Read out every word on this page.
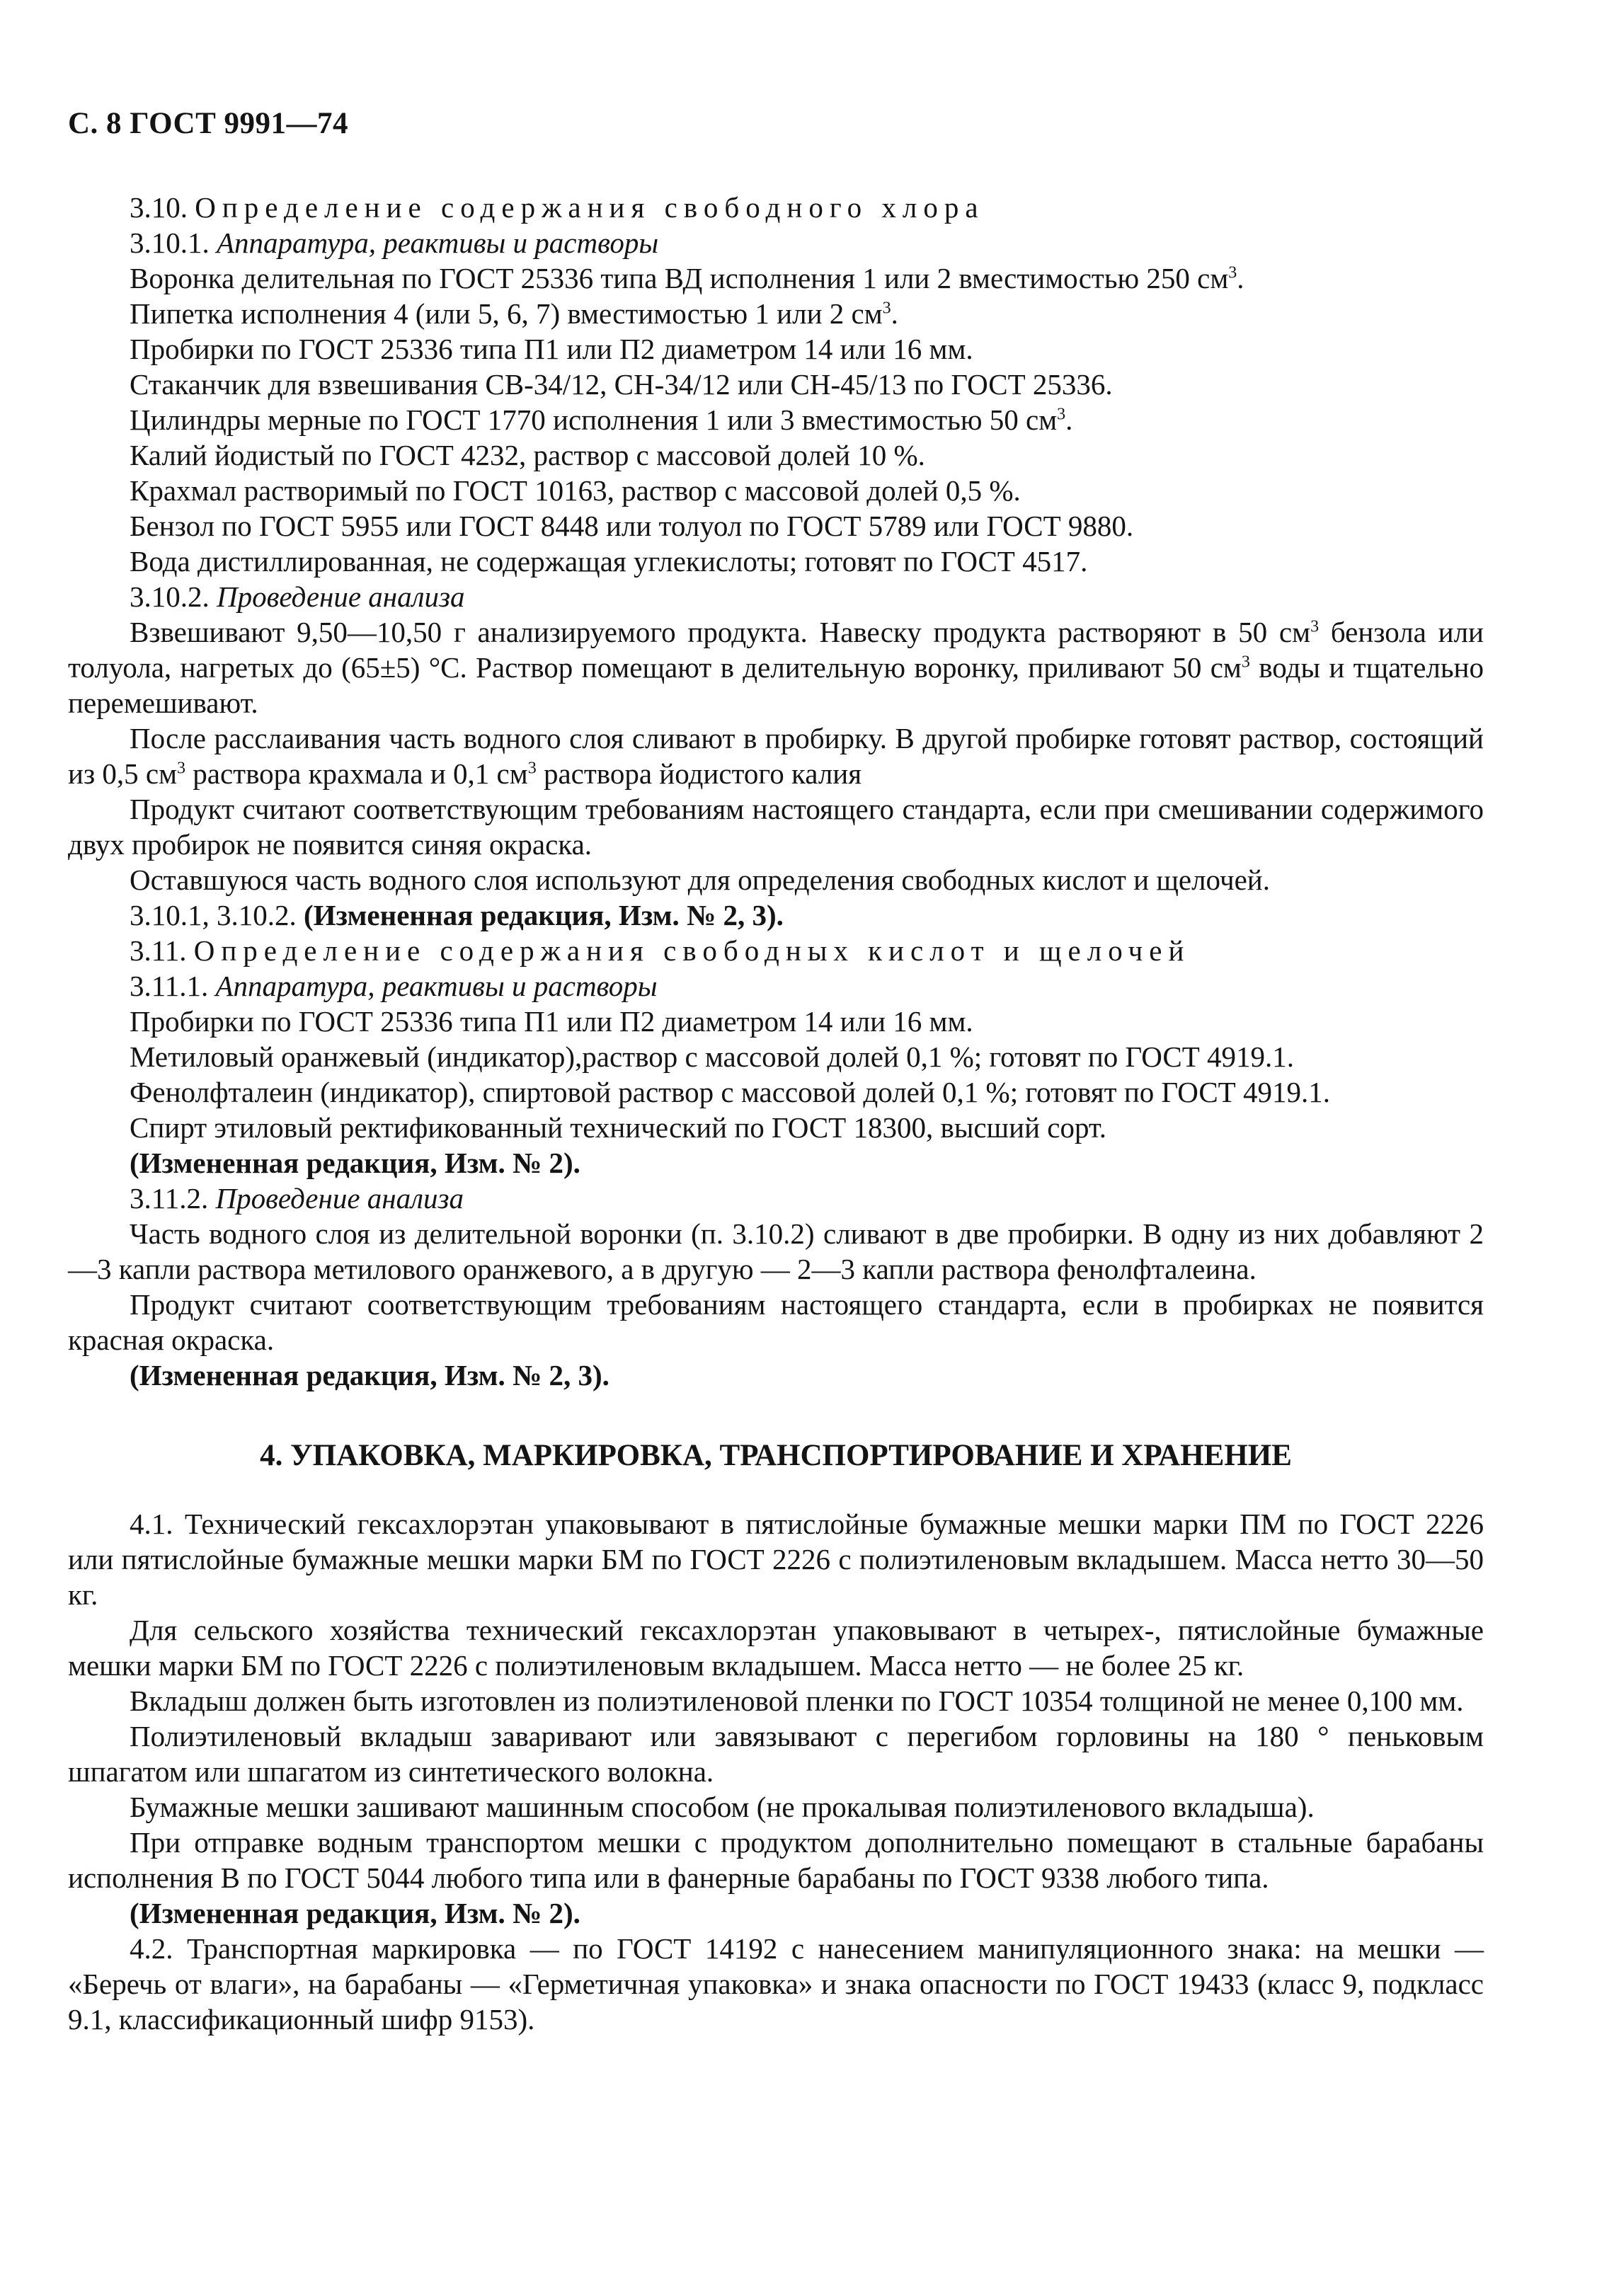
С. 8 ГОСТ 9991—74

3.10. Определение содержания свободного хлора

3.10.1. Аппаратура, реактивы и растворы

Воронка делительная по ГОСТ 25336 типа ВД исполнения 1 или 2 вместимостью 250 $см^3$.

Пипетка исполнения 4 (или 5, 6, 7) вместимостью 1 или 2 $см^3$.

Пробирки по ГОСТ 25336 типа П1 или П2 диаметром 14 или 16 мм.

Стаканчик для взвешивания СВ-34/12, СН-34/12 или СН-45/13 по ГОСТ 25336.

Цилиндры мерные по ГОСТ 1770 исполнения 1 или 3 вместимостью 50 $см^3$.

Калий йодистый по ГОСТ 4232, раствор с массовой долей 10 %.

Крахмал растворимый по ГОСТ 10163, раствор с массовой долей 0,5 %.

Бензол по ГОСТ 5955 или ГОСТ 8448 или толуол по ГОСТ 5789 или ГОСТ 9880.

Вода дистиллированная, не содержащая углекислоты; готовят по ГОСТ 4517.

3.10.2. Проведение анализа

Взвешивают 9,50—10,50 г анализируемого продукта. Навеску продукта растворяют в 50 $см^3$ бензола или толуола, нагретых до (65±5) °С. Раствор помещают в делительную воронку, приливают 50 $см^3$ воды и тщательно перемешивают.

После расслаивания часть водного слоя сливают в пробирку. В другой пробирке готовят раствор, состоящий из 0,5 $см^3$ раствора крахмала и 0,1 $см^3$ раствора йодистого калия

Продукт считают соответствующим требованиям настоящего стандарта, если при смешивании содержимого двух пробирок не появится синяя окраска.

Оставшуюся часть водного слоя используют для определения свободных кислот и щелочей.

3.10.1, 3.10.2. (Измененная редакция, Изм. № 2, 3).

3.11. Определение содержания свободных кислот и щелочей

3.11.1. Аппаратура, реактивы и растворы

Пробирки по ГОСТ 25336 типа П1 или П2 диаметром 14 или 16 мм.

Метиловый оранжевый (индикатор),раствор с массовой долей 0,1 %; готовят по ГОСТ 4919.1.

Фенолфталеин (индикатор), спиртовой раствор с массовой долей 0,1 %; готовят по ГОСТ 4919.1.

Спирт этиловый ректификованный технический по ГОСТ 18300, высший сорт.

(Измененная редакция, Изм. № 2).

3.11.2. Проведение анализа

Часть водного слоя из делительной воронки (п. 3.10.2) сливают в две пробирки. В одну из них добавляют 2—3 капли раствора метилового оранжевого, а в другую — 2—3 капли раствора фенолфталеина.

Продукт считают соответствующим требованиям настоящего стандарта, если в пробирках не появится красная окраска.

(Измененная редакция, Изм. № 2, 3).

4. УПАКОВКА, МАРКИРОВКА, ТРАНСПОРТИРОВАНИЕ И ХРАНЕНИЕ

4.1. Технический гексахлорэтан упаковывают в пятислойные бумажные мешки марки ПМ по ГОСТ 2226 или пятислойные бумажные мешки марки БМ по ГОСТ 2226 с полиэтиленовым вкладышем. Масса нетто 30—50 кг.

Для сельского хозяйства технический гексахлорэтан упаковывают в четырех-, пятислойные бумажные мешки марки БМ по ГОСТ 2226 с полиэтиленовым вкладышем. Масса нетто — не более 25 кг.

Вкладыш должен быть изготовлен из полиэтиленовой пленки по ГОСТ 10354 толщиной не менее 0,100 мм.

Полиэтиленовый вкладыш заваривают или завязывают с перегибом горловины на 180 ° пеньковым шпагатом или шпагатом из синтетического волокна.

Бумажные мешки зашивают машинным способом (не прокалывая полиэтиленового вкладыша).

При отправке водным транспортом мешки с продуктом дополнительно помещают в стальные барабаны исполнения В по ГОСТ 5044 любого типа или в фанерные барабаны по ГОСТ 9338 любого типа.

(Измененная редакция, Изм. № 2).

4.2. Транспортная маркировка — по ГОСТ 14192 с нанесением манипуляционного знака: на мешки — «Беречь от влаги», на барабаны — «Герметичная упаковка» и знака опасности по ГОСТ 19433 (класс 9, подкласс 9.1, классификационный шифр 9153).
